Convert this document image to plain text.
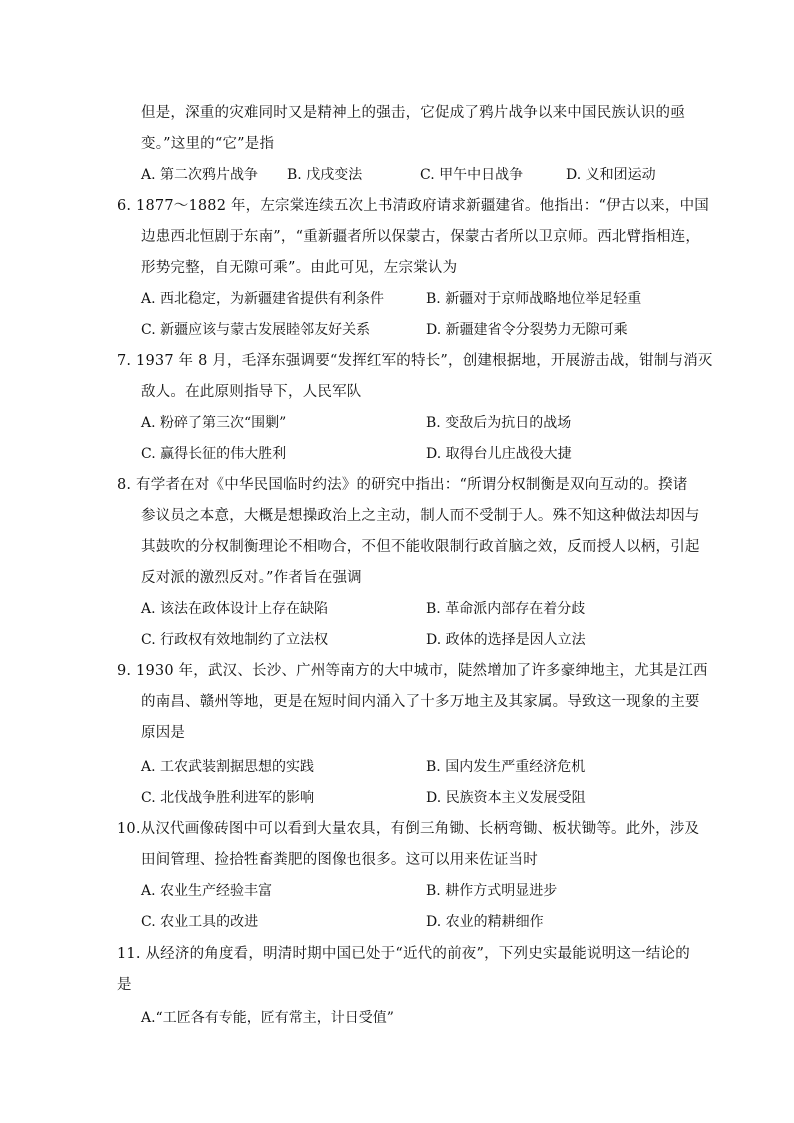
但是，深重的灾难同时又是精神上的强击，它促成了鸦片战争以来中国民族认识的亟
变。”这里的“它”是指
A. 第二次鸦片战争 B. 戊戌变法	C. 甲午中日战争	D. 义和团运动
6. 1877～1882 年，左宗棠连续五次上书清政府请求新疆建省。他指出：“伊古以来，中国
边患西北恒剧于东南”，“重新疆者所以保蒙古，保蒙古者所以卫京师。西北臂指相连，
形势完整，自无隙可乘”。由此可见，左宗棠认为
A. 西北稳定，为新疆建省提供有利条件	B. 新疆对于京师战略地位举足轻重
C. 新疆应该与蒙古发展睦邻友好关系	D. 新疆建省令分裂势力无隙可乘
7. 1937 年 8 月，毛泽东强调要“发挥红军的特长”，创建根据地，开展游击战，钳制与消灭
敌人。在此原则指导下，人民军队
A. 粉碎了第三次“围剿”	B. 变敌后为抗日的战场
C. 赢得长征的伟大胜利	D. 取得台儿庄战役大捷
8. 有学者在对《中华民国临时约法》的研究中指出：“所谓分权制衡是双向互动的。揆诸
参议员之本意，大概是想操政治上之主动，制人而不受制于人。殊不知这种做法却因与
其鼓吹的分权制衡理论不相吻合，不但不能收限制行政首脑之效，反而授人以柄，引起
反对派的激烈反对。”作者旨在强调
A. 该法在政体设计上存在缺陷	B. 革命派内部存在着分歧
C. 行政权有效地制约了立法权	D. 政体的选择是因人立法
9. 1930 年，武汉、长沙、广州等南方的大中城市，陡然增加了许多豪绅地主，尤其是江西
的南昌、赣州等地，更是在短时间内涌入了十多万地主及其家属。导致这一现象的主要
原因是
A. 工农武装割据思想的实践	B. 国内发生严重经济危机
C. 北伐战争胜利进军的影响	D. 民族资本主义发展受阻
10.从汉代画像砖图中可以看到大量农具，有倒三角锄、长柄弯锄、板状锄等。此外，涉及
田间管理、捡拾牲畜粪肥的图像也很多。这可以用来佐证当时
A. 农业生产经验丰富	B. 耕作方式明显进步
C. 农业工具的改进	D. 农业的精耕细作
11. 从经济的角度看，明清时期中国已处于“近代的前夜”，下列史实最能说明这一结论的
是
A.“工匠各有专能，匠有常主，计日受值”
